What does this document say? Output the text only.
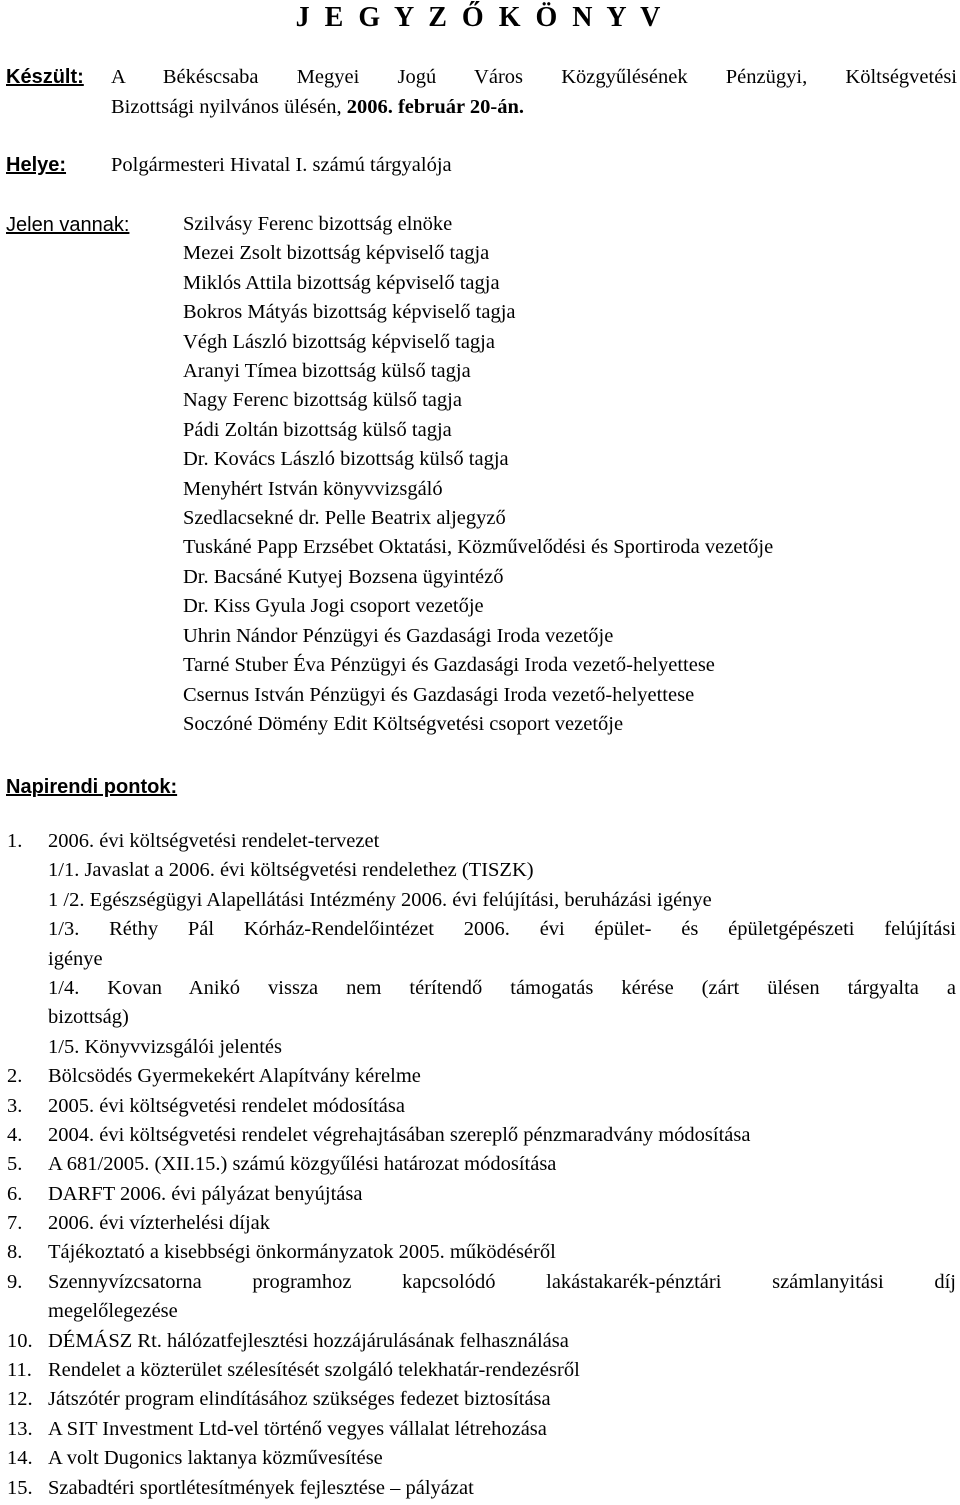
J E G Y Z Ő K Ö N Y V
Készült: A Békéscsaba Megyei Jogú Város Közgyűlésének Pénzügyi, Költségvetési
Bizottsági nyilvános ülésén, 2006. február 20-án.
Helye: Polgármesteri Hivatal I. számú tárgyalója
Jelen vannak:	Szilvásy Ferenc bizottság elnöke
Mezei Zsolt bizottság képviselő tagja
Miklós Attila bizottság képviselő tagja
Bokros Mátyás bizottság képviselő tagja
Végh László bizottság képviselő tagja
Aranyi Tímea bizottság külső tagja
Nagy Ferenc bizottság külső tagja
Pádi Zoltán bizottság külső tagja
Dr. Kovács László bizottság külső tagja
Menyhért István könyvvizsgáló
Szedlacsekné dr. Pelle Beatrix aljegyző
Tuskáné Papp Erzsébet Oktatási, Közművelődési és Sportiroda vezetője
Dr. Bacsáné Kutyej Bozsena ügyintéző
Dr. Kiss Gyula Jogi csoport vezetője
Uhrin Nándor Pénzügyi és Gazdasági Iroda vezetője
Tarné Stuber Éva Pénzügyi és Gazdasági Iroda vezető-helyettese
Csernus István Pénzügyi és Gazdasági Iroda vezető-helyettese
Soczóné Dömény Edit Költségvetési csoport vezetője
Napirendi pontok:
1. 2006. évi költségvetési rendelet-tervezet
1/1. Javaslat a 2006. évi költségvetési rendelethez (TISZK)
1 /2. Egészségügyi Alapellátási Intézmény 2006. évi felújítási, beruházási igénye
1/3. Réthy Pál Kórház-Rendelőintézet 2006. évi épület- és épületgépészeti felújítási
igénye
1/4. Kovan Anikó vissza nem térítendő támogatás kérése (zárt ülésen tárgyalta a
bizottság)
1/5. Könyvvizsgálói jelentés
2. Bölcsödés Gyermekekért Alapítvány kérelme
3. 2005. évi költségvetési rendelet módosítása
4. 2004. évi költségvetési rendelet végrehajtásában szereplő pénzmaradvány módosítása
5. A 681/2005. (XII.15.) számú közgyűlési határozat módosítása
6. DARFT 2006. évi pályázat benyújtása
7. 2006. évi vízterhelési díjak
8. Tájékoztató a kisebbségi önkormányzatok 2005. működéséről
9. Szennyvízcsatorna programhoz kapcsolódó lakástakarék-pénztári számlanyitási díj
megelőlegezése
10. DÉMÁSZ Rt. hálózatfejlesztési hozzájárulásának felhasználása
11. Rendelet a közterület szélesítését szolgáló telekhatár-rendezésről
12. Játszótér program elindításához szükséges fedezet biztosítása
13. A SIT Investment Ltd-vel történő vegyes vállalat létrehozása
14. A volt Dugonics laktanya közművesítése
15. Szabadtéri sportlétesítmények fejlesztése – pályázat
